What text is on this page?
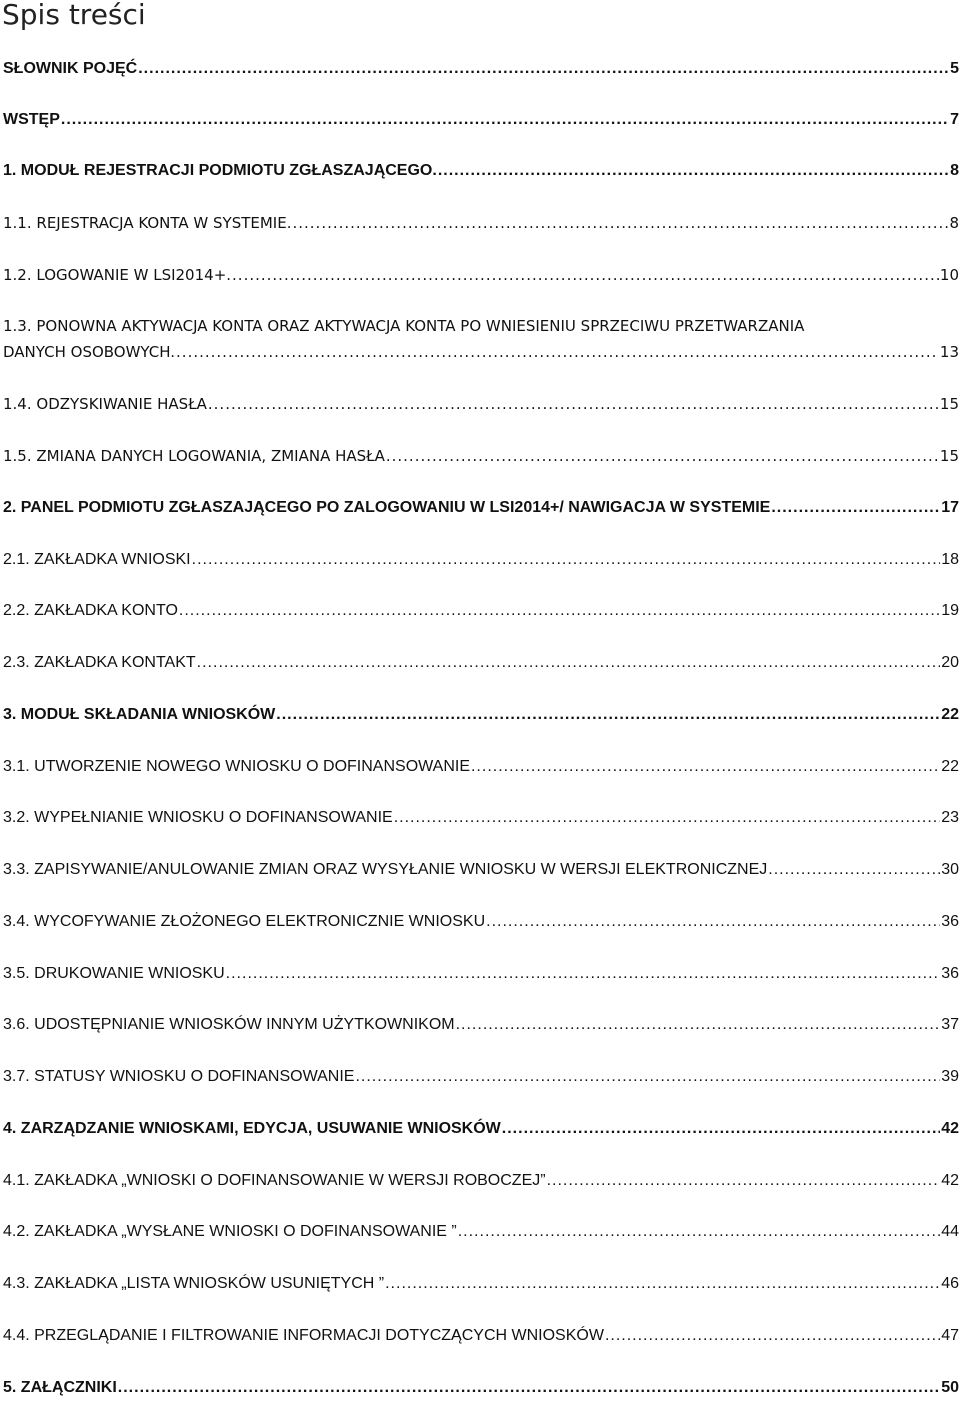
Spis treści
SŁOWNIK POJĘĆ .....	5
WSTĘP .....	7
1. MODUŁ REJESTRACJI PODMIOTU ZGŁASZAJĄCEGO. .....	8
1.1. REJESTRACJA KONTA W SYSTEMIE. .....	8
1.2. LOGOWANIE W LSI2014+. .....	10
1.3. PONOWNA AKTYWACJA KONTA ORAZ AKTYWACJA KONTA PO WNIESIENIU SPRZECIWU PRZETWARZANIA
DANYCH OSOBOWYCH. .....	13
1.4. ODZYSKIWANIE HASŁA .....	15
1.5. ZMIANA DANYCH LOGOWANIA, ZMIANA HASŁA .....	15
2. PANEL PODMIOTU ZGŁASZAJĄCEGO PO ZALOGOWANIU W LSI2014+/ NAWIGACJA W SYSTEMIE .....	17
2.1. ZAKŁADKA WNIOSKI .....	18
2.2. ZAKŁADKA KONTO .....	19
2.3. ZAKŁADKA KONTAKT .....	20
3. MODUŁ SKŁADANIA WNIOSKÓW .....	22
3.1. UTWORZENIE NOWEGO WNIOSKU O DOFINANSOWANIE .....	22
3.2. WYPEŁNIANIE WNIOSKU O DOFINANSOWANIE .....	23
3.3. ZAPISYWANIE/ANULOWANIE ZMIAN ORAZ WYSYŁANIE WNIOSKU W WERSJI ELEKTRONICZNEJ .....	30
3.4. WYCOFYWANIE ZŁOŻONEGO ELEKTRONICZNIE WNIOSKU .....	36
3.5. DRUKOWANIE WNIOSKU .....	36
3.6. UDOSTĘPNIANIE WNIOSKÓW INNYM UŻYTKOWNIKOM .....	37
3.7. STATUSY WNIOSKU O DOFINANSOWANIE .....	39
4. ZARZĄDZANIE WNIOSKAMI, EDYCJA, USUWANIE WNIOSKÓW .....	42
4.1. ZAKŁADKA „WNIOSKI O DOFINANSOWANIE W WERSJI ROBOCZEJ” .....	42
4.2. ZAKŁADKA „WYSŁANE WNIOSKI O DOFINANSOWANIE ” .....	44
4.3. ZAKŁADKA „LISTA WNIOSKÓW USUNIĘTYCH ” .....	46
4.4. PRZEGLĄDANIE I FILTROWANIE INFORMACJI DOTYCZĄCYCH WNIOSKÓW .....	47
5. ZAŁĄCZNIKI .....	50
